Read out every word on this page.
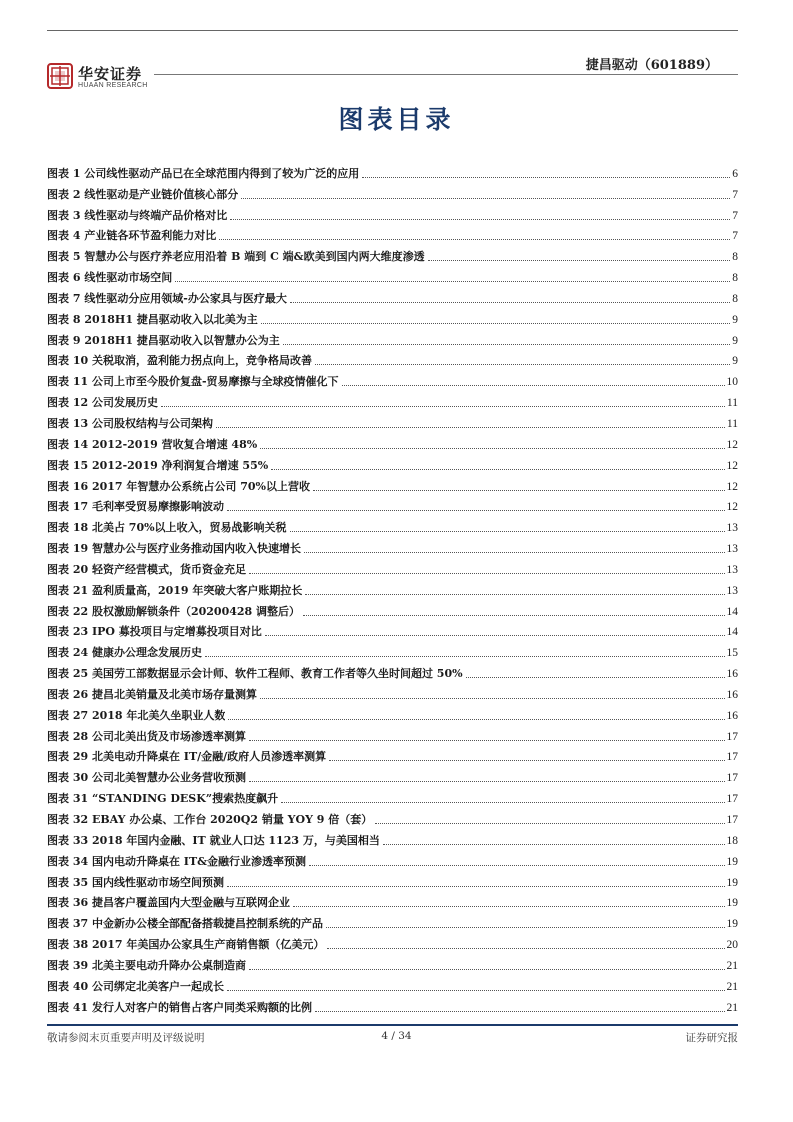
华安证券
HUAAN RESEARCH
捷昌驱动（601889）
图表目录
图表 1 公司线性驱动产品已在全球范围内得到了较为广泛的应用	6
图表 2 线性驱动是产业链价值核心部分	7
图表 3 线性驱动与终端产品价格对比	7
图表 4 产业链各环节盈利能力对比	7
图表 5 智慧办公与医疗养老应用沿着 B 端到 C 端&欧美到国内两大维度渗透	8
图表 6 线性驱动市场空间	8
图表 7 线性驱动分应用领域-办公家具与医疗最大	8
图表 8 2018H1 捷昌驱动收入以北美为主	9
图表 9 2018H1 捷昌驱动收入以智慧办公为主	9
图表 10 关税取消，盈利能力拐点向上，竞争格局改善	9
图表 11 公司上市至今股价复盘-贸易摩擦与全球疫情催化下	10
图表 12 公司发展历史	11
图表 13 公司股权结构与公司架构	11
图表 14 2012-2019 营收复合增速 48%	12
图表 15 2012-2019 净利润复合增速 55%	12
图表 16 2017 年智慧办公系统占公司 70%以上营收	12
图表 17 毛利率受贸易摩擦影响波动	12
图表 18 北美占 70%以上收入，贸易战影响关税	13
图表 19 智慧办公与医疗业务推动国内收入快速增长	13
图表 20 轻资产经营模式，货币资金充足	13
图表 21 盈利质量高，2019 年突破大客户账期拉长	13
图表 22 股权激励解锁条件（20200428 调整后）	14
图表 23 IPO 募投项目与定增募投项目对比	14
图表 24 健康办公理念发展历史	15
图表 25 美国劳工部数据显示会计师、软件工程师、教育工作者等久坐时间超过 50%	16
图表 26 捷昌北美销量及北美市场存量测算	16
图表 27 2018 年北美久坐职业人数	16
图表 28 公司北美出货及市场渗透率测算	17
图表 29 北美电动升降桌在 IT/金融/政府人员渗透率测算	17
图表 30 公司北美智慧办公业务营收预测	17
图表 31 “STANDING DESK”搜索热度飙升	17
图表 32 EBAY 办公桌、工作台 2020Q2 销量 YOY 9 倍（套）	17
图表 33 2018 年国内金融、IT 就业人口达 1123 万，与美国相当	18
图表 34 国内电动升降桌在 IT&金融行业渗透率预测	19
图表 35 国内线性驱动市场空间预测	19
图表 36 捷昌客户覆盖国内大型金融与互联网企业	19
图表 37 中金新办公楼全部配备搭载捷昌控制系统的产品	19
图表 38 2017 年美国办公家具生产商销售额（亿美元）	20
图表 39 北美主要电动升降办公桌制造商	21
图表 40 公司绑定北美客户一起成长	21
图表 41 发行人对客户的销售占客户同类采购额的比例	21
敬请参阅末页重要声明及评级说明	4 / 34	证券研究报
